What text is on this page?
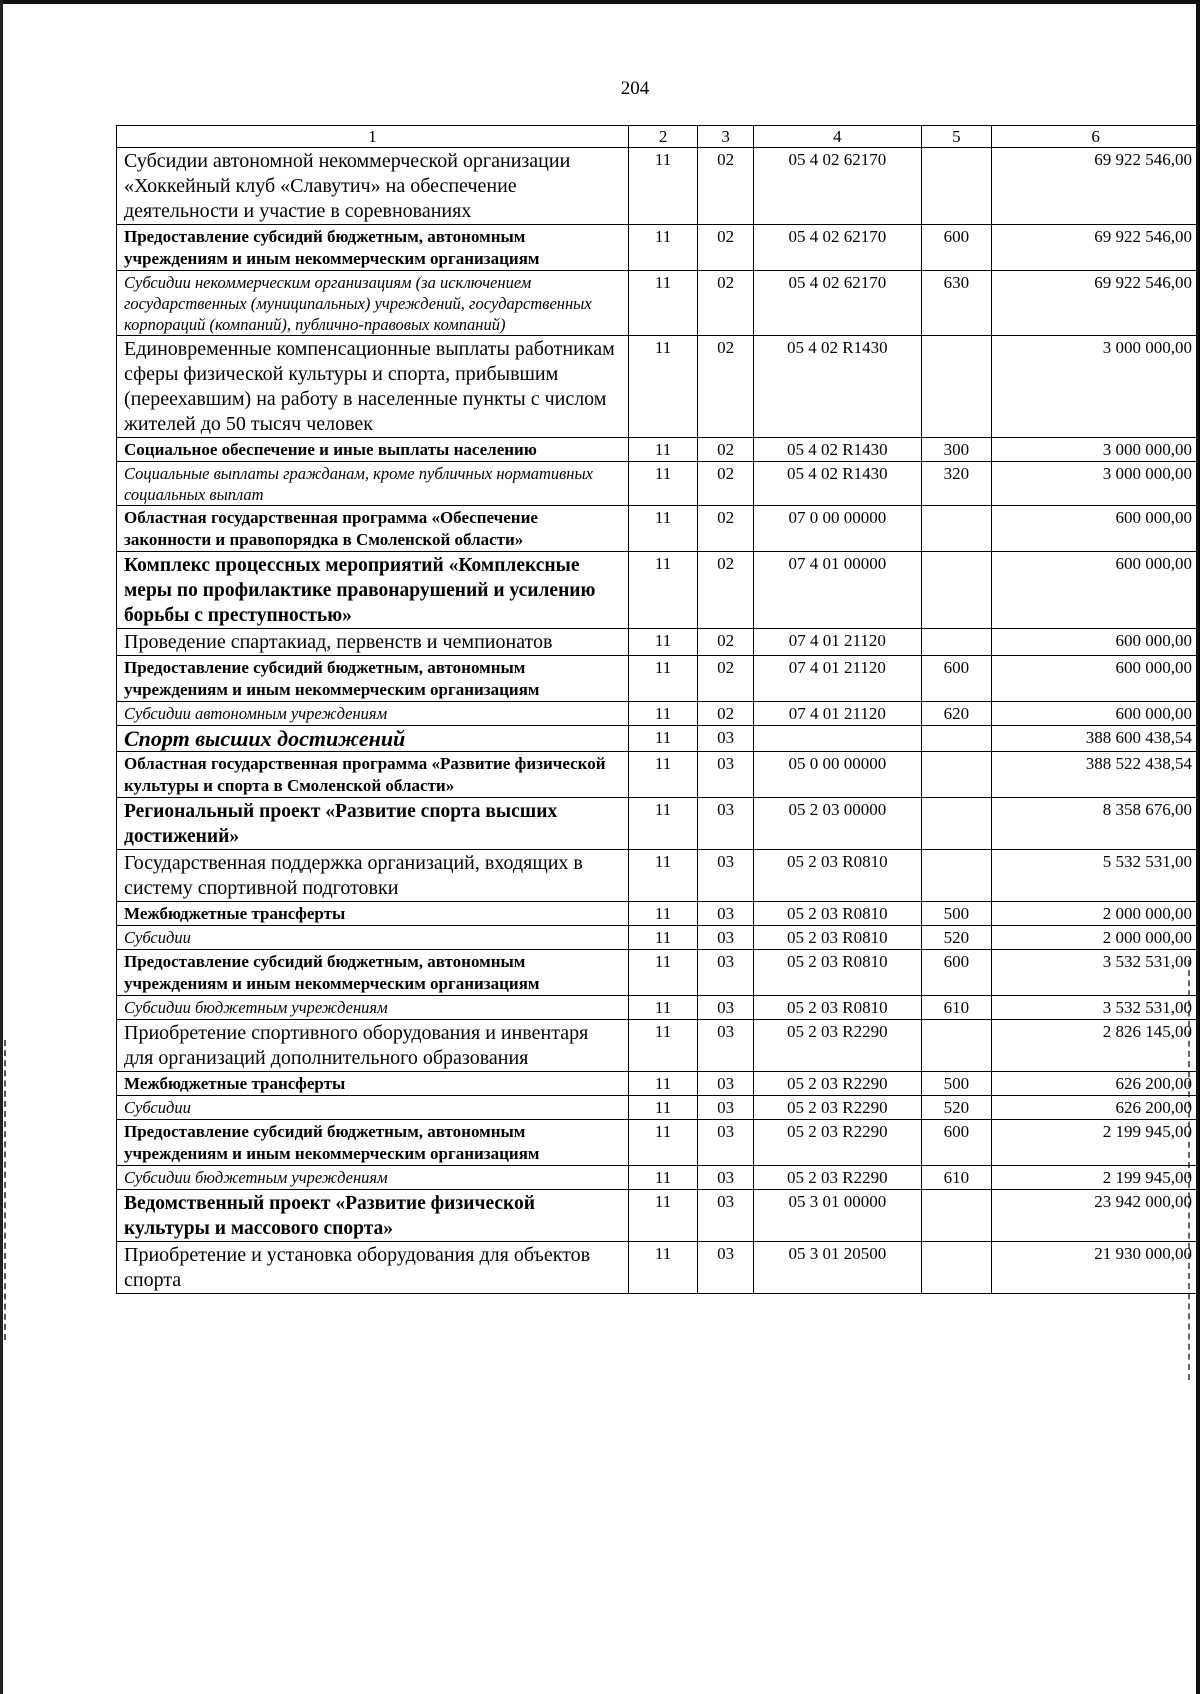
204
1	2	3	4	5	6
Субсидии автономной некоммерческой организации «Хоккейный клуб «Славутич» на обеспечение деятельности и участие в соревнованиях	11	02	05 4 02 62170		69 922 546,00
Предоставление субсидий бюджетным, автономным учреждениям и иным некоммерческим организациям	11	02	05 4 02 62170	600	69 922 546,00
Субсидии некоммерческим организациям (за исключением государственных (муниципальных) учреждений, государственных корпораций (компаний), публично-правовых компаний)	11	02	05 4 02 62170	630	69 922 546,00
Единовременные компенсационные выплаты работникам сферы физической культуры и спорта, прибывшим (переехавшим) на работу в населенные пункты с числом жителей до 50 тысяч человек	11	02	05 4 02 R1430		3 000 000,00
Социальное обеспечение и иные выплаты населению	11	02	05 4 02 R1430	300	3 000 000,00
Социальные выплаты гражданам, кроме публичных нормативных социальных выплат	11	02	05 4 02 R1430	320	3 000 000,00
Областная государственная программа «Обеспечение законности и правопорядка в Смоленской области»	11	02	07 0 00 00000		600 000,00
Комплекс процессных мероприятий «Комплексные меры по профилактике правонарушений и усилению борьбы с преступностью»	11	02	07 4 01 00000		600 000,00
Проведение спартакиад, первенств и чемпионатов	11	02	07 4 01 21120		600 000,00
Предоставление субсидий бюджетным, автономным учреждениям и иным некоммерческим организациям	11	02	07 4 01 21120	600	600 000,00
Субсидии автономным учреждениям	11	02	07 4 01 21120	620	600 000,00
Спорт высших достижений	11	03			388 600 438,54
Областная государственная программа «Развитие физической культуры и спорта в Смоленской области»	11	03	05 0 00 00000		388 522 438,54
Региональный проект «Развитие спорта высших достижений»	11	03	05 2 03 00000		8 358 676,00
Государственная поддержка организаций, входящих в систему спортивной подготовки	11	03	05 2 03 R0810		5 532 531,00
Межбюджетные трансферты	11	03	05 2 03 R0810	500	2 000 000,00
Субсидии	11	03	05 2 03 R0810	520	2 000 000,00
Предоставление субсидий бюджетным, автономным учреждениям и иным некоммерческим организациям	11	03	05 2 03 R0810	600	3 532 531,00
Субсидии бюджетным учреждениям	11	03	05 2 03 R0810	610	3 532 531,00
Приобретение спортивного оборудования и инвентаря для организаций дополнительного образования	11	03	05 2 03 R2290		2 826 145,00
Межбюджетные трансферты	11	03	05 2 03 R2290	500	626 200,00
Субсидии	11	03	05 2 03 R2290	520	626 200,00
Предоставление субсидий бюджетным, автономным учреждениям и иным некоммерческим организациям	11	03	05 2 03 R2290	600	2 199 945,00
Субсидии бюджетным учреждениям	11	03	05 2 03 R2290	610	2 199 945,00
Ведомственный проект «Развитие физической культуры и массового спорта»	11	03	05 3 01 00000		23 942 000,00
Приобретение и установка оборудования для объектов спорта	11	03	05 3 01 20500		21 930 000,00
